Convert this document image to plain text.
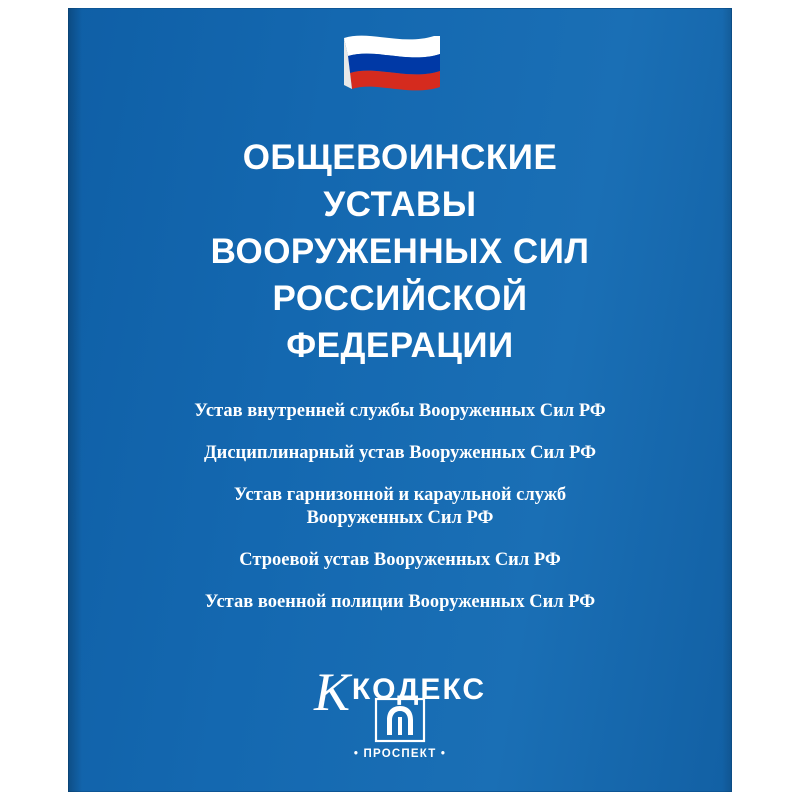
ОБЩЕВОИНСКИЕ
УСТАВЫ
ВООРУЖЕННЫХ СИЛ
РОССИЙСКОЙ
ФЕДЕРАЦИИ
Устав внутренней службы Вооруженных Сил РФ
Дисциплинарный устав Вооруженных Сил РФ
Устав гарнизонной и караульной служб
Вооруженных Сил РФ
Строевой устав Вооруженных Сил РФ
Устав военной полиции Вооруженных Сил РФ
К КОДЕКС
• ПРОСПЕКТ •
